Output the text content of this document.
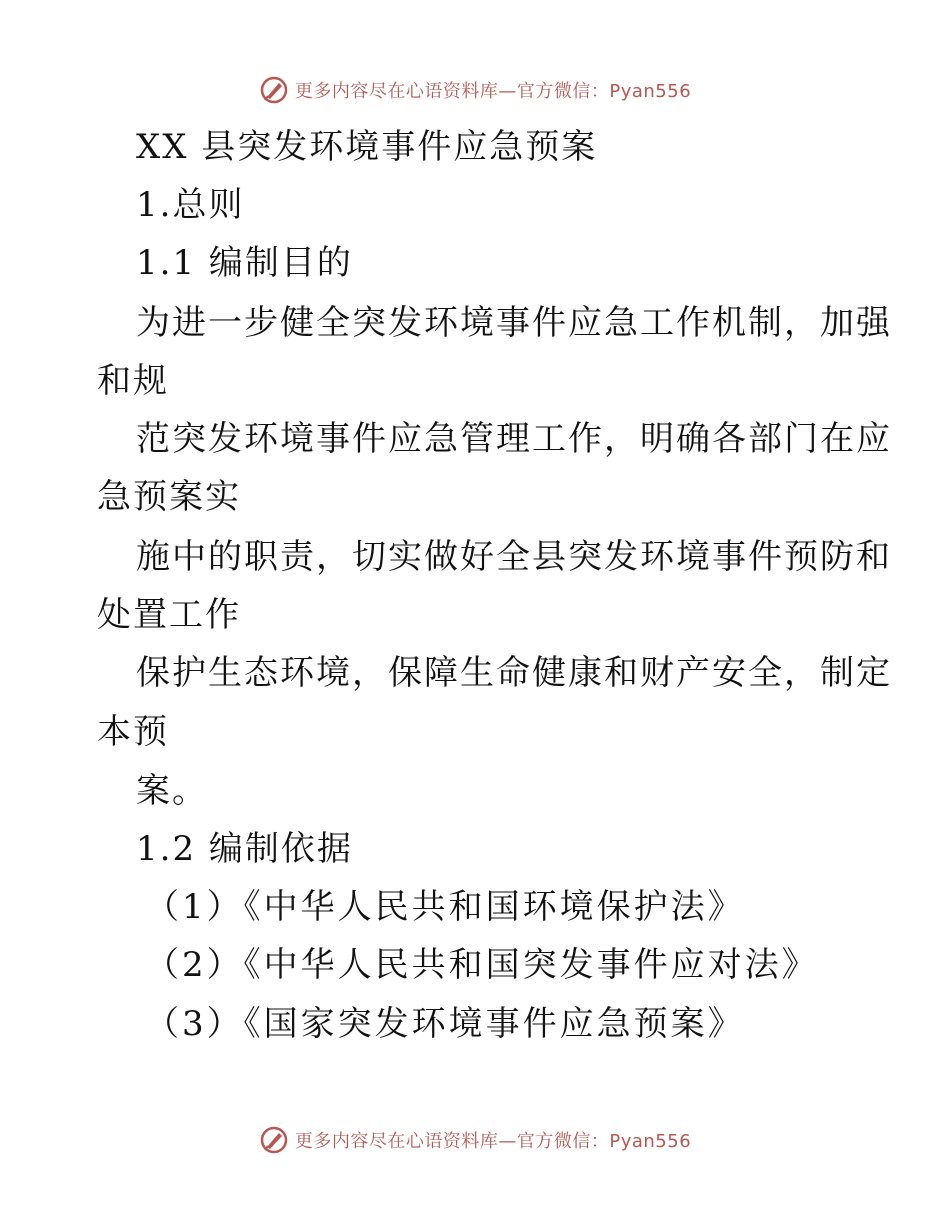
更多内容尽在心语资料库—官方微信：Pyan556
XX 县突发环境事件应急预案
1.总则
1.1 编制目的
为进一步健全突发环境事件应急工作机制，加强
和规
范突发环境事件应急管理工作，明确各部门在应
急预案实
施中的职责，切实做好全县突发环境事件预防和
处置工作
保护生态环境，保障生命健康和财产安全，制定
本预
案。
1.2 编制依据
（1）《中华人民共和国环境保护法》
（2）《中华人民共和国突发事件应对法》
（3）《国家突发环境事件应急预案》
更多内容尽在心语资料库—官方微信：Pyan556
